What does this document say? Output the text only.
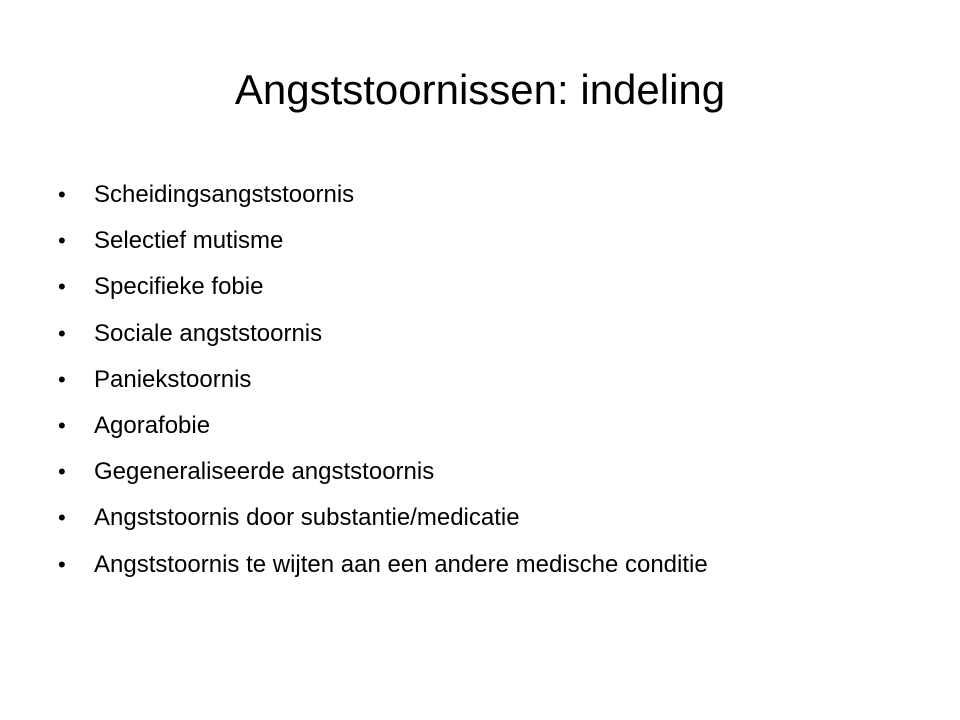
Angststoornissen: indeling
•	Scheidingsangststoornis
•	Selectief mutisme
•	Specifieke fobie
•	Sociale angststoornis
•	Paniekstoornis
•	Agorafobie
•	Gegeneraliseerde angststoornis
•	Angststoornis door substantie/medicatie
•	Angststoornis te wijten aan een andere medische conditie
